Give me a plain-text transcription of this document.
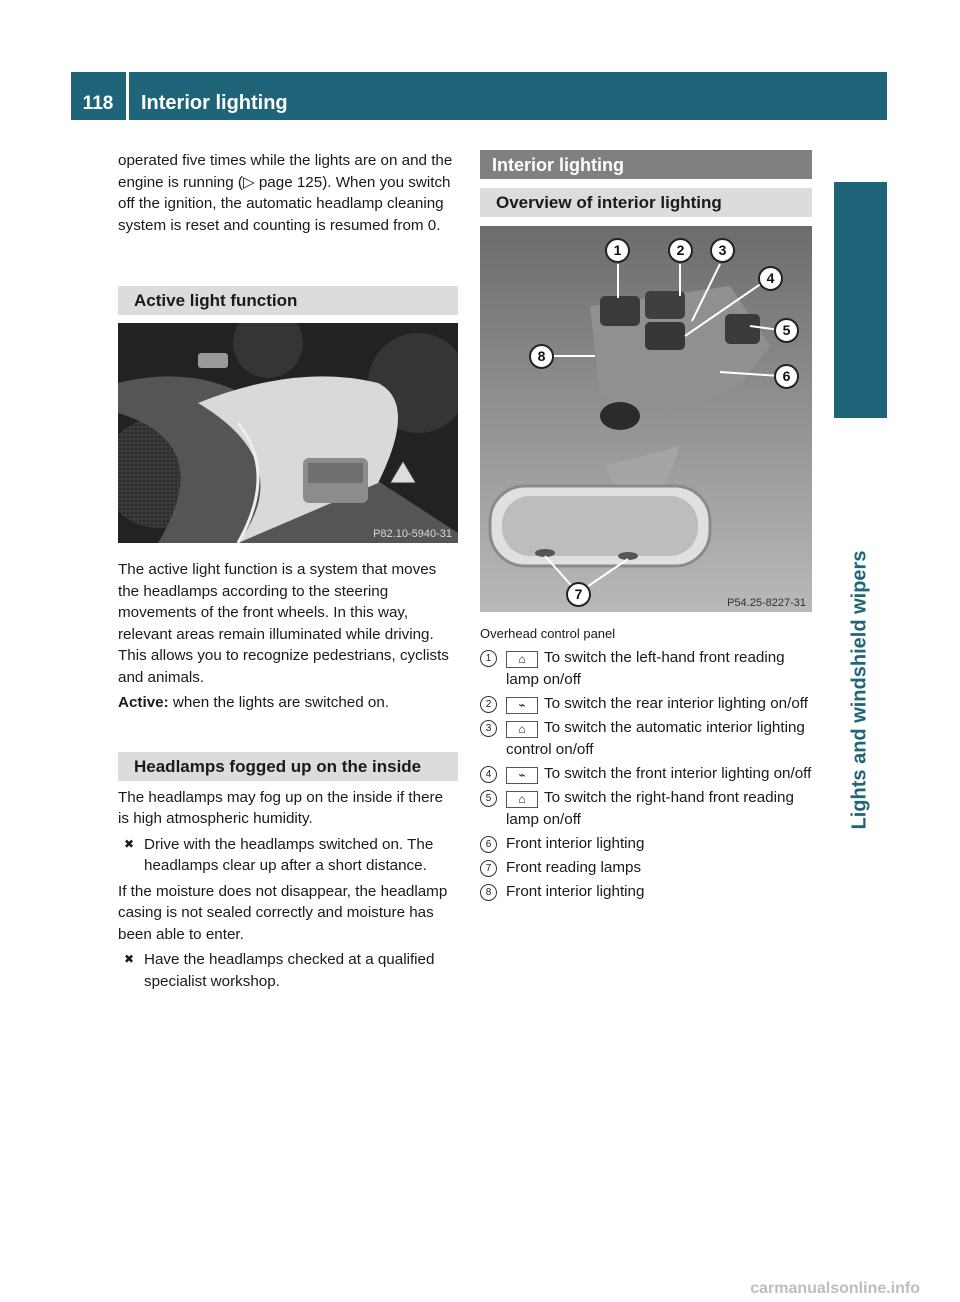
118	Interior lighting
Lights and windshield wipers

operated five times while the lights are on and the engine is running (▷ page 125). When you switch off the ignition, the automatic headlamp cleaning system is reset and counting is resumed from 0.

Active light function
P82.10-5940-31

The active light function is a system that moves the headlamps according to the steering movements of the front wheels. In this way, relevant areas remain illuminated while driving. This allows you to recognize pedestrians, cyclists and animals.

Active: when the lights are switched on.

Headlamps fogged up on the inside

The headlamps may fog up on the inside if there is high atmospheric humidity.

✖ Drive with the headlamps switched on. The headlamps clear up after a short distance.

If the moisture does not disappear, the headlamp casing is not sealed correctly and moisture has been able to enter.

✖ Have the headlamps checked at a qualified specialist workshop.
Interior lighting
Overview of interior lighting
1	2	3
4
5
6
7
8
P54.25-8227-31
Overhead control panel
1	⌂ To switch the left-hand front reading lamp on/off
2	⌁ To switch the rear interior lighting on/off
3	⌂ To switch the automatic interior lighting control on/off
4	⌁ To switch the front interior lighting on/off
5	⌂ To switch the right-hand front reading lamp on/off
6 Front interior lighting
7 Front reading lamps
8 Front interior lighting
carmanualsonline.info
